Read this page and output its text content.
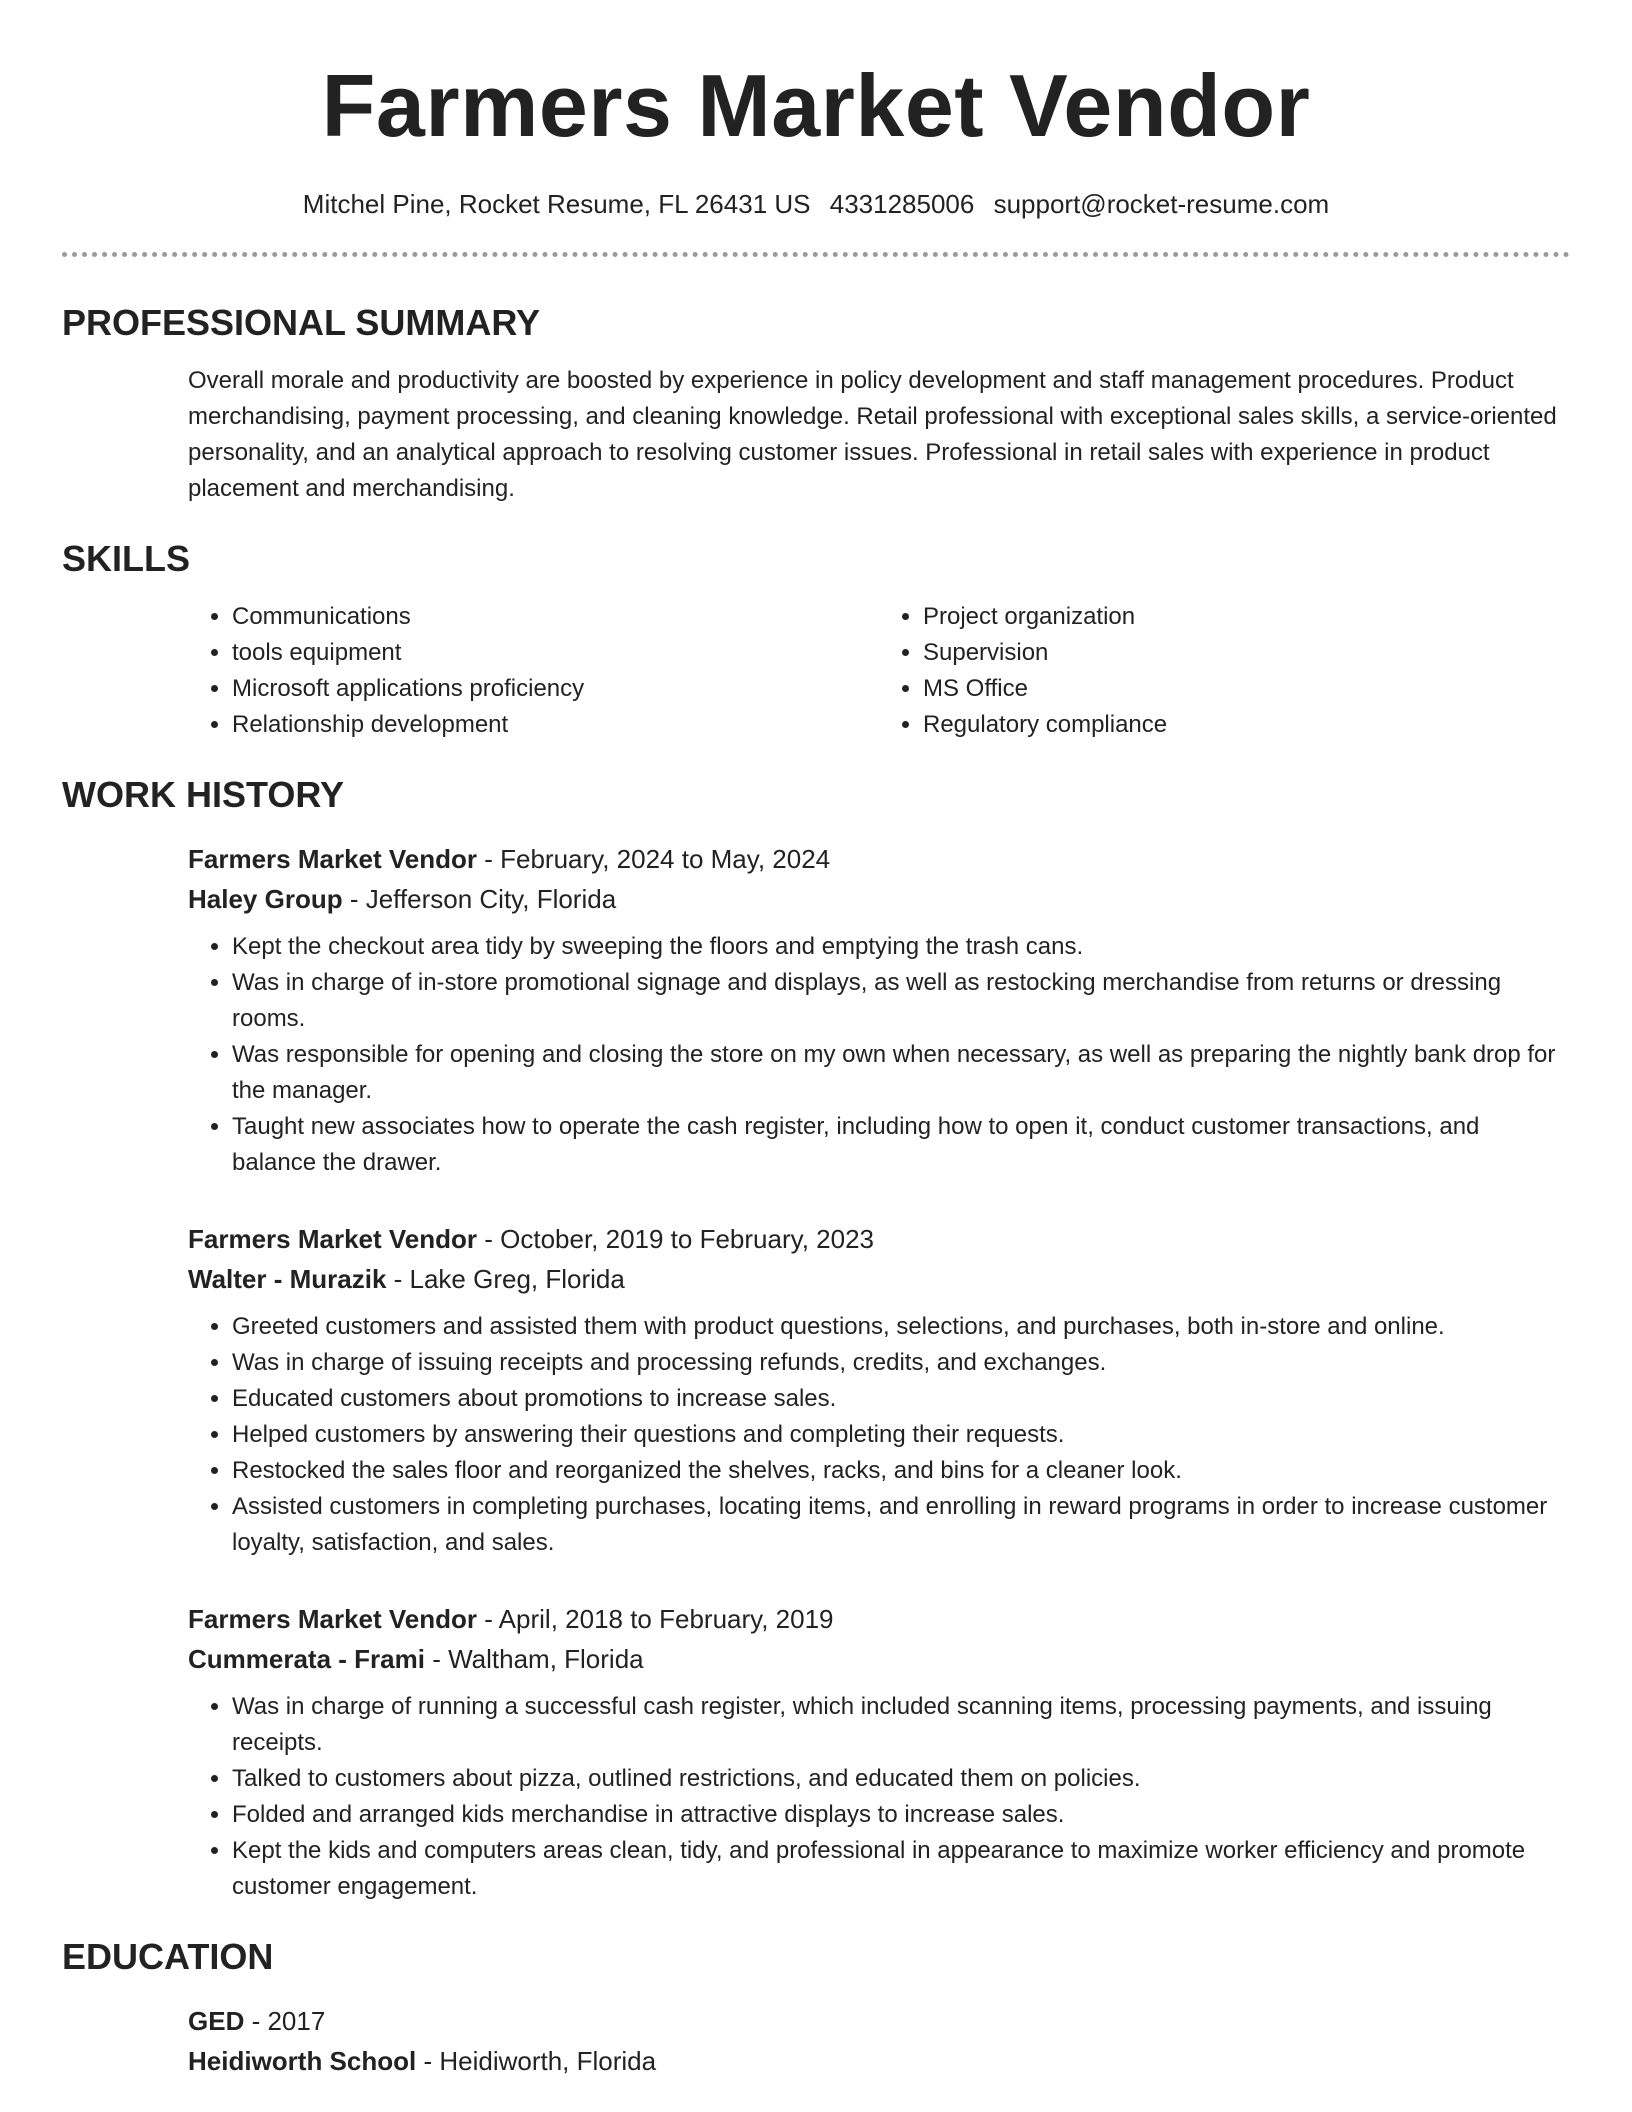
Farmers Market Vendor
Mitchel Pine, Rocket Resume, FL 26431 US 4331285006 support@rocket-resume.com
PROFESSIONAL SUMMARY

Overall morale and productivity are boosted by experience in policy development and staff management procedures. Product merchandising, payment processing, and cleaning knowledge. Retail professional with exceptional sales skills, a service-oriented personality, and an analytical approach to resolving customer issues. Professional in retail sales with experience in product placement and merchandising.

SKILLS
• Communications
• tools equipment
• Microsoft applications proficiency
• Relationship development
• Project organization
• Supervision
• MS Office
• Regulatory compliance
WORK HISTORY
Farmers Market Vendor - February, 2024 to May, 2024
Haley Group - Jefferson City, Florida
• Kept the checkout area tidy by sweeping the floors and emptying the trash cans.
• Was in charge of in-store promotional signage and displays, as well as restocking merchandise from returns or dressing rooms.
• Was responsible for opening and closing the store on my own when necessary, as well as preparing the nightly bank drop for the manager.
• Taught new associates how to operate the cash register, including how to open it, conduct customer transactions, and balance the drawer.
Farmers Market Vendor - October, 2019 to February, 2023
Walter - Murazik - Lake Greg, Florida
• Greeted customers and assisted them with product questions, selections, and purchases, both in-store and online.
• Was in charge of issuing receipts and processing refunds, credits, and exchanges.
• Educated customers about promotions to increase sales.
• Helped customers by answering their questions and completing their requests.
• Restocked the sales floor and reorganized the shelves, racks, and bins for a cleaner look.
• Assisted customers in completing purchases, locating items, and enrolling in reward programs in order to increase customer loyalty, satisfaction, and sales.
Farmers Market Vendor - April, 2018 to February, 2019
Cummerata - Frami - Waltham, Florida
• Was in charge of running a successful cash register, which included scanning items, processing payments, and issuing receipts.
• Talked to customers about pizza, outlined restrictions, and educated them on policies.
• Folded and arranged kids merchandise in attractive displays to increase sales.
• Kept the kids and computers areas clean, tidy, and professional in appearance to maximize worker efficiency and promote customer engagement.
EDUCATION
GED - 2017
Heidiworth School - Heidiworth, Florida
